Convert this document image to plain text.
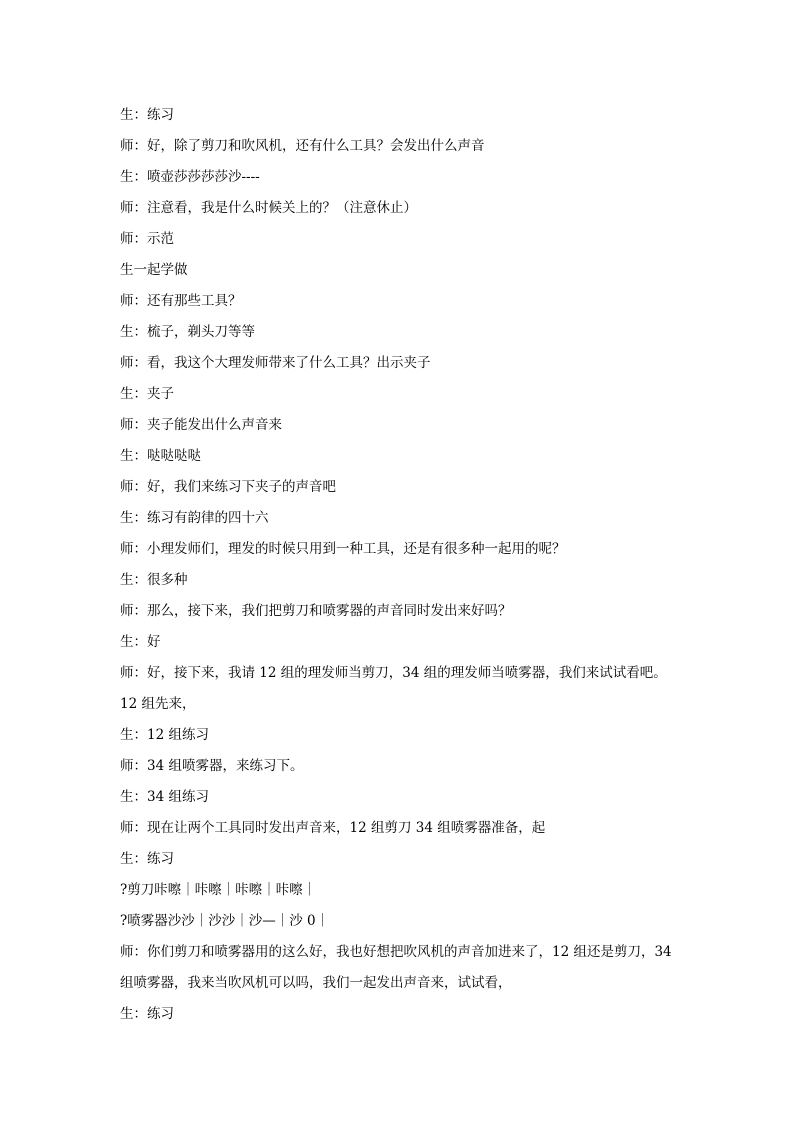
生：练习
师：好，除了剪刀和吹风机，还有什么工具？会发出什么声音
生：喷壶莎莎莎莎沙----
师：注意看，我是什么时候关上的？（注意休止）
师：示范
生一起学做
师：还有那些工具？
生：梳子，剃头刀等等
师：看，我这个大理发师带来了什么工具？出示夹子
生：夹子
师：夹子能发出什么声音来
生：哒哒哒哒
师：好，我们来练习下夹子的声音吧
生：练习有韵律的四十六
师：小理发师们，理发的时候只用到一种工具，还是有很多种一起用的呢？
生：很多种
师：那么，接下来，我们把剪刀和喷雾器的声音同时发出来好吗？
生：好
师：好，接下来，我请 12 组的理发师当剪刀，34 组的理发师当喷雾器，我们来试试看吧。
12 组先来，
生：12 组练习
师：34 组喷雾器，来练习下。
生：34 组练习
师：现在让两个工具同时发出声音来，12 组剪刀 34 组喷雾器准备，起
生：练习
?剪刀咔嚓｜咔嚓｜咔嚓｜咔嚓｜
?喷雾器沙沙｜沙沙｜沙—｜沙 0｜
师：你们剪刀和喷雾器用的这么好，我也好想把吹风机的声音加进来了，12 组还是剪刀，34
组喷雾器，我来当吹风机可以吗，我们一起发出声音来，试试看，
生：练习
